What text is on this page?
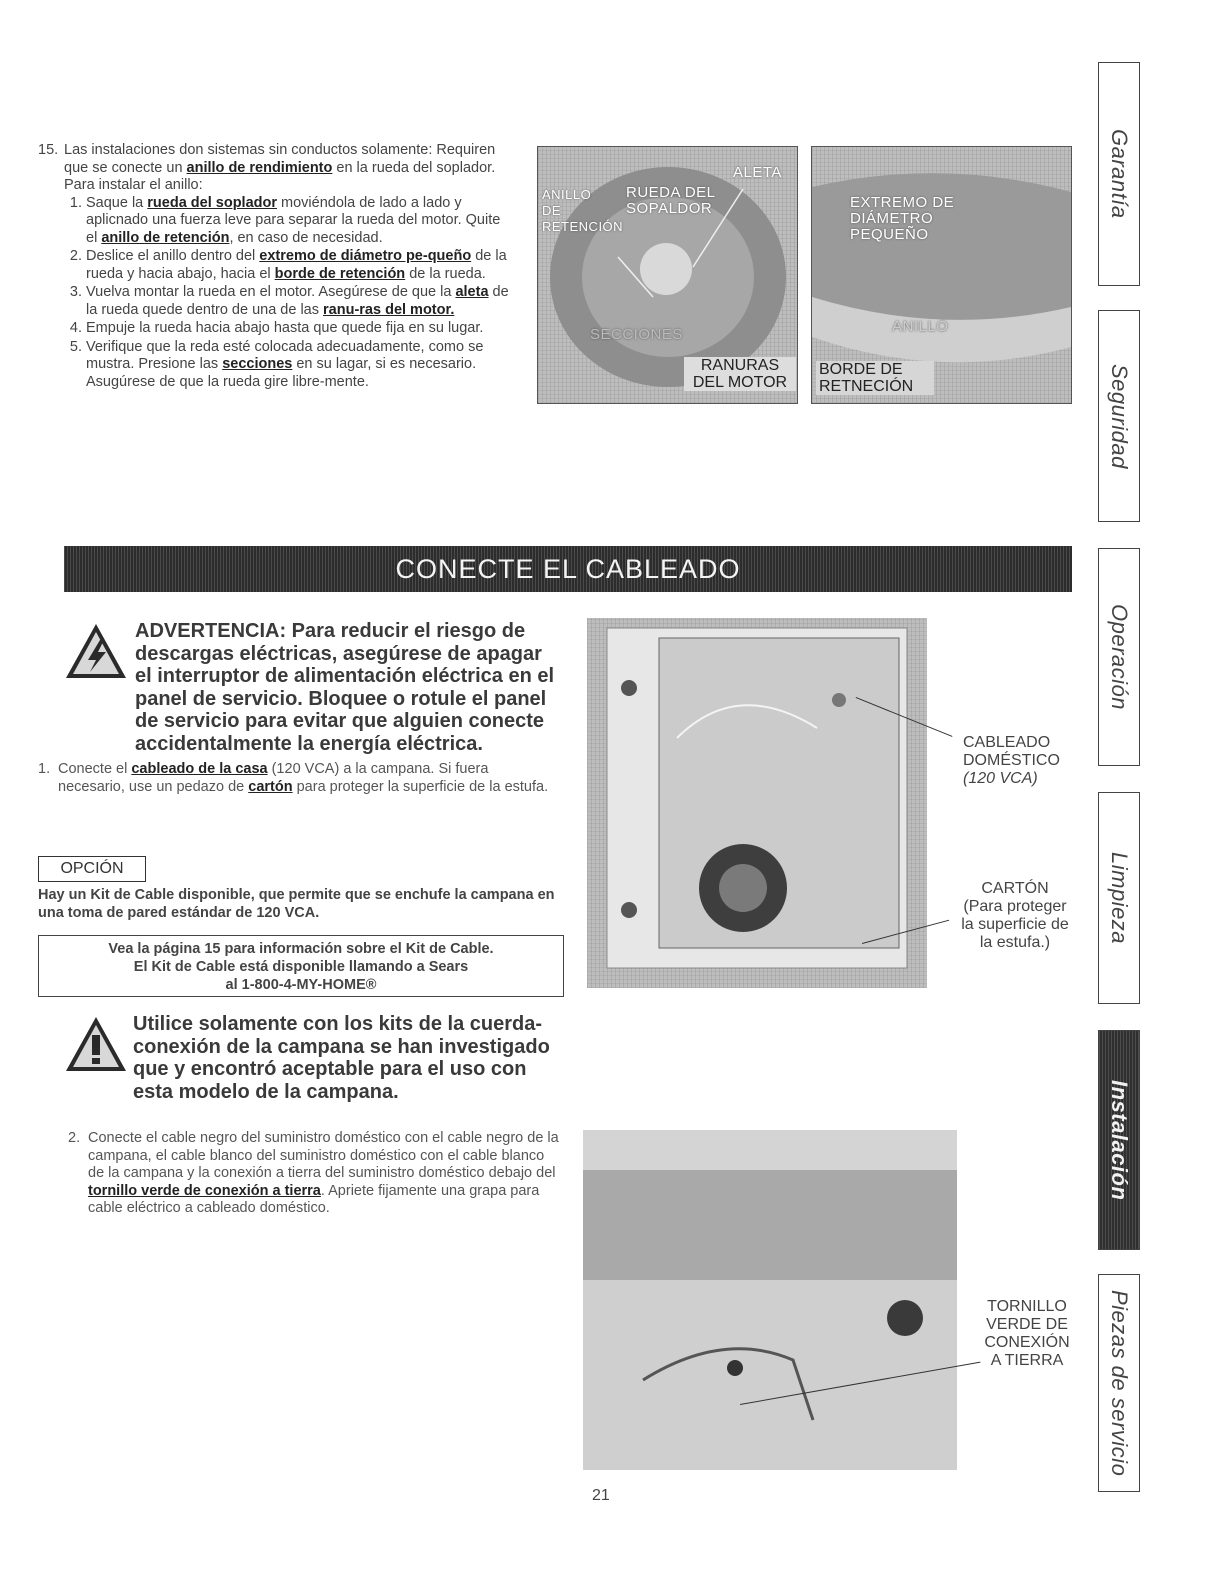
15. Las instalaciones don sistemas sin conductos solamente: Requiren que se conecte un anillo de rendimiento en la rueda del soplador.

Para instalar el anillo:

1. Saque la rueda del soplador moviéndola de lado a lado y aplicnado una fuerza leve para separar la rueda del motor. Quite el anillo de retención, en caso de necesidad.
2. Deslice el anillo dentro del extremo de diámetro pe-queño de la rueda y hacia abajo, hacia el borde de retención de la rueda.
3. Vuelva montar la rueda en el motor. Asegúrese de que la aleta de la rueda quede dentro de una de las ranu-ras del motor.
4. Empuje la rueda hacia abajo hasta que quede fija en su lugar.
5. Verifique que la reda esté colocada adecuadamente, como se mustra. Presione las secciones en su lagar, si es necesario. Asugúrese de que la rueda gire libre-mente.
ALETA
ANILLO DE RETENCIÓN
RUEDA DEL SOPALDOR
SECCIONES
RANURAS DEL MOTOR
EXTREMO DE DIÁMETRO PEQUEÑO
ANILLO
BORDE DE RETNECIÓN
CONECTE EL CABLEADO
ADVERTENCIA: Para reducir el riesgo de descargas eléctricas, asegúrese de apagar el interruptor de alimentación eléctrica en el panel de servicio. Bloquee o rotule el panel de servicio para evitar que alguien conecte accidentalmente la energía eléctrica.
1. Conecte el cableado de la casa (120 VCA) a la campana. Si fuera necesario, use un pedazo de cartón para proteger la superficie de la estufa.
OPCIÓN
Hay un Kit de Cable disponible, que permite que se enchufe la campana en una toma de pared estándar de 120 VCA.
Vea la página 15 para información sobre el Kit de Cable.
El Kit de Cable está disponible llamando a Sears
al 1-800-4-MY-HOME®
Utilice solamente con los kits de la cuerda-conexión de la campana se han investigado que y encontró aceptable para el uso con esta modelo de la campana.
2. Conecte el cable negro del suministro doméstico con el cable negro de la campana, el cable blanco del suministro doméstico con el cable blanco de la campana y la conexión a tierra del suministro doméstico debajo del tornillo verde de conexión a tierra. Apriete fijamente una grapa para cable eléctrico a cableado doméstico.
CABLEADO
DOMÉSTICO
(120 VCA)
CARTÓN
(Para proteger
la superficie de
la estufa.)
TORNILLO
VERDE DE
CONEXIÓN
A TIERRA
Garantía
Seguridad
Operación
Limpieza
Instalación
Piezas de servicio
21
